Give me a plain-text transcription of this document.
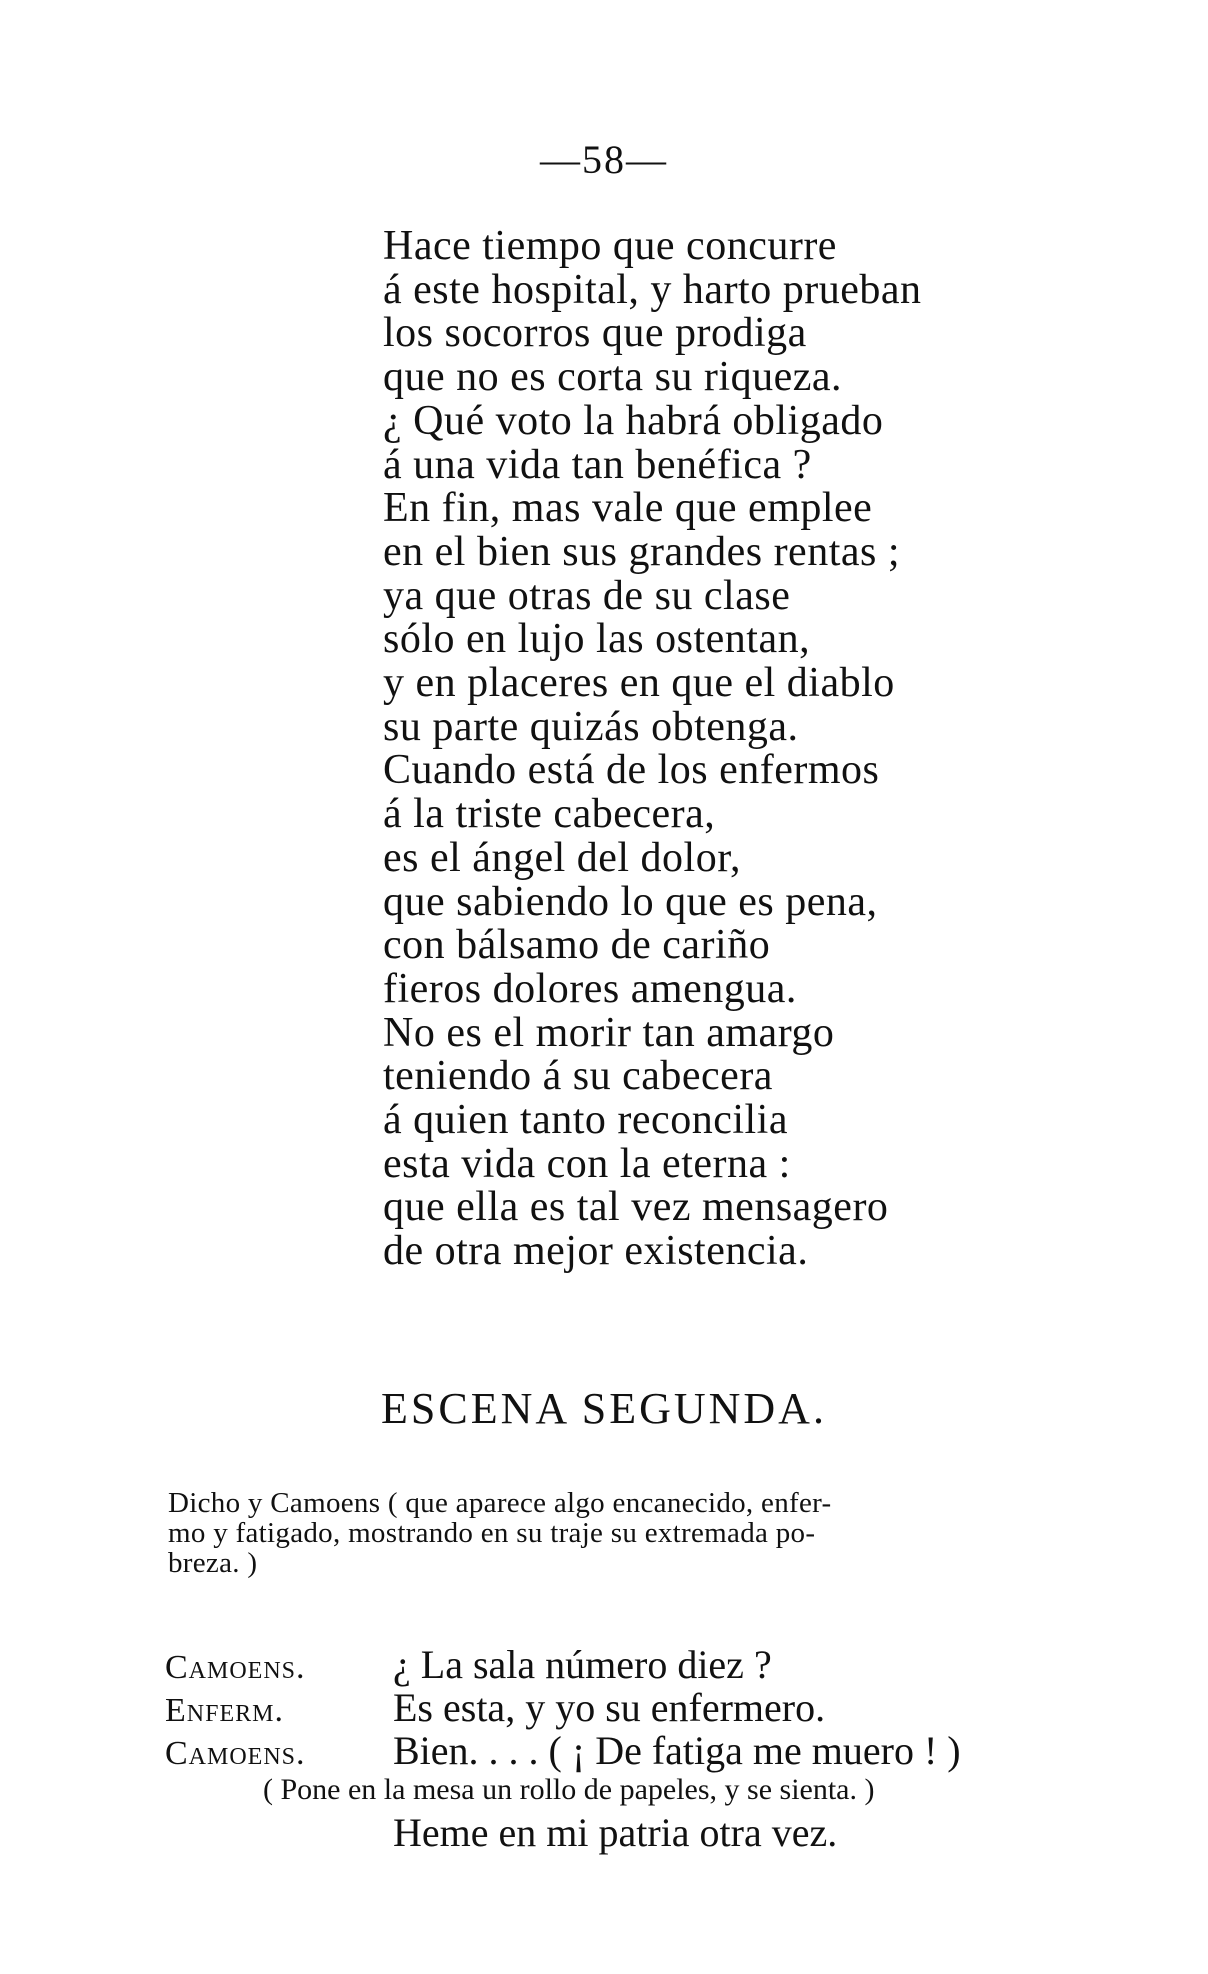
—58—
Hace tiempo que concurre
á este hospital, y harto prueban
los socorros que prodiga
que no es corta su riqueza.
¿ Qué voto la habrá obligado
á una vida tan benéfica ?
En fin, mas vale que emplee
en el bien sus grandes rentas ;
ya que otras de su clase
sólo en lujo las ostentan,
y en placeres en que el diablo
su parte quizás obtenga.
Cuando está de los enfermos
á la triste cabecera,
es el ángel del dolor,
que sabiendo lo que es pena,
con bálsamo de cariño
fieros dolores amengua.
No es el morir tan amargo
teniendo á su cabecera
á quien tanto reconcilia
esta vida con la eterna :
que ella es tal vez mensagero
de otra mejor existencia.
ESCENA SEGUNDA.
Dicho y Camoens ( que aparece algo encanecido, enfer-
mo y fatigado, mostrando en su traje su extremada po-
breza. )
Camoens.	¿ La sala número diez ?
Enferm.	Es esta, y yo su enfermero.
Camoens.	Bien. . . . ( ¡ De fatiga me muero ! )
( Pone en la mesa un rollo de papeles, y se sienta. )
Heme en mi patria otra vez.
